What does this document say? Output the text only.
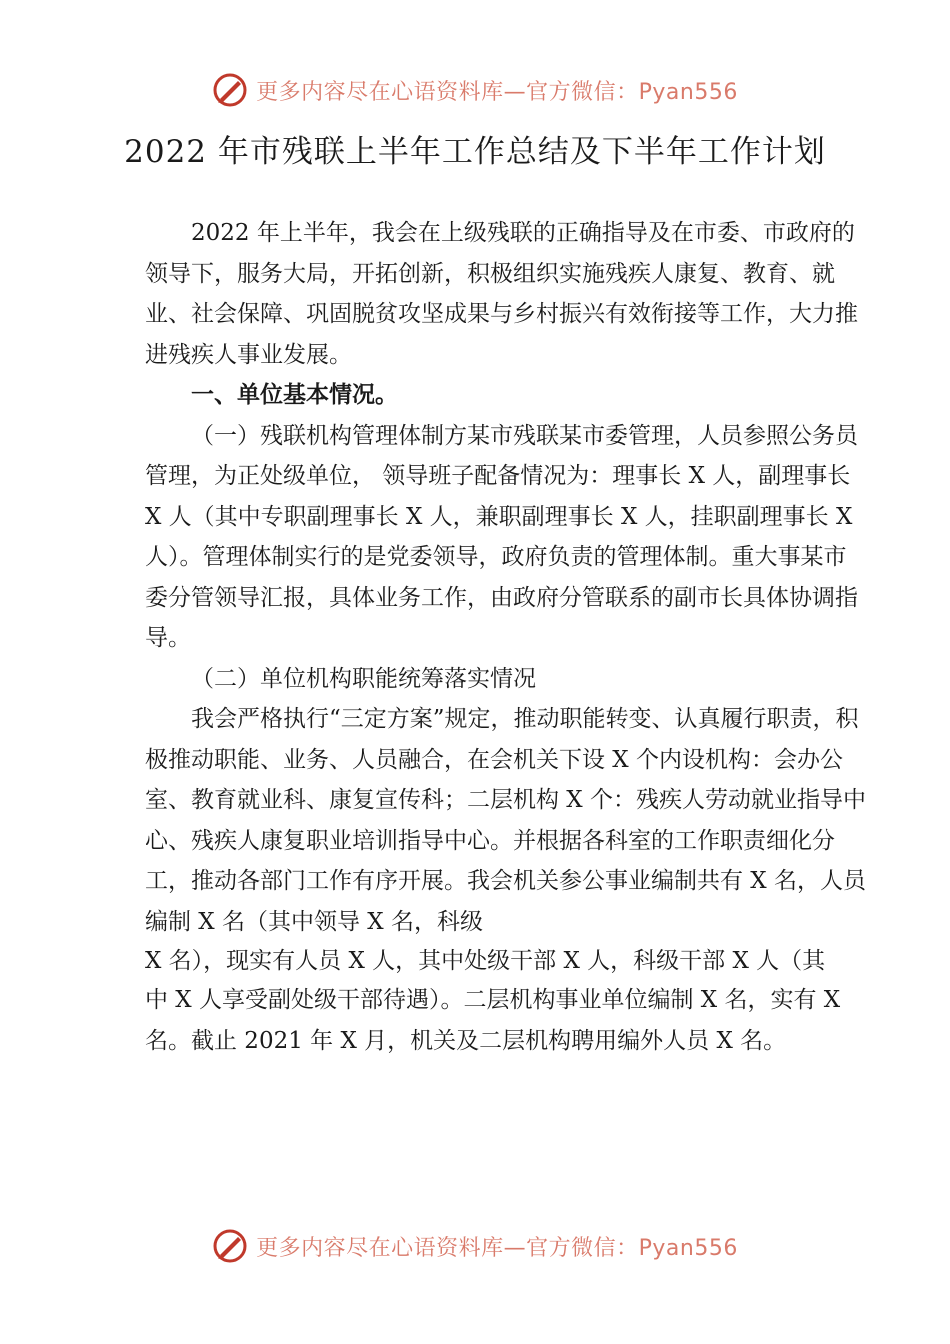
更多内容尽在心语资料库—官方微信：Pyan556
2022 年市残联上半年工作总结及下半年工作计划

2022 年上半年，我会在上级残联的正确指导及在市委、市政府的领导下，服务大局，开拓创新，积极组织实施残疾人康复、教育、就业、社会保障、巩固脱贫攻坚成果与乡村振兴有效衔接等工作，大力推进残疾人事业发展。

一、单位基本情况。

（一）残联机构管理体制方某市残联某市委管理，人员参照公务员管理，为正处级单位， 领导班子配备情况为：理事长 X 人，副理事长 X 人（其中专职副理事长 X 人，兼职副理事长 X 人，挂职副理事长 X 人）。管理体制实行的是党委领导，政府负责的管理体制。重大事某市委分管领导汇报，具体业务工作，由政府分管联系的副市长具体协调指导。

（二）单位机构职能统筹落实情况

我会严格执行“三定方案”规定，推动职能转变、认真履行职责，积极推动职能、业务、人员融合，在会机关下设 X 个内设机构：会办公室、教育就业科、康复宣传科；二层机构 X 个：残疾人劳动就业指导中心、残疾人康复职业培训指导中心。并根据各科室的工作职责细化分工，推动各部门工作有序开展。我会机关参公事业编制共有 X 名，人员编制 X 名（其中领导 X 名，科级

X 名），现实有人员 X 人，其中处级干部 X 人，科级干部 X 人（其

中 X 人享受副处级干部待遇）。二层机构事业单位编制 X 名，实有 X 名。截止 2021 年 X 月，机关及二层机构聘用编外人员 X 名。

更多内容尽在心语资料库—官方微信：Pyan556
